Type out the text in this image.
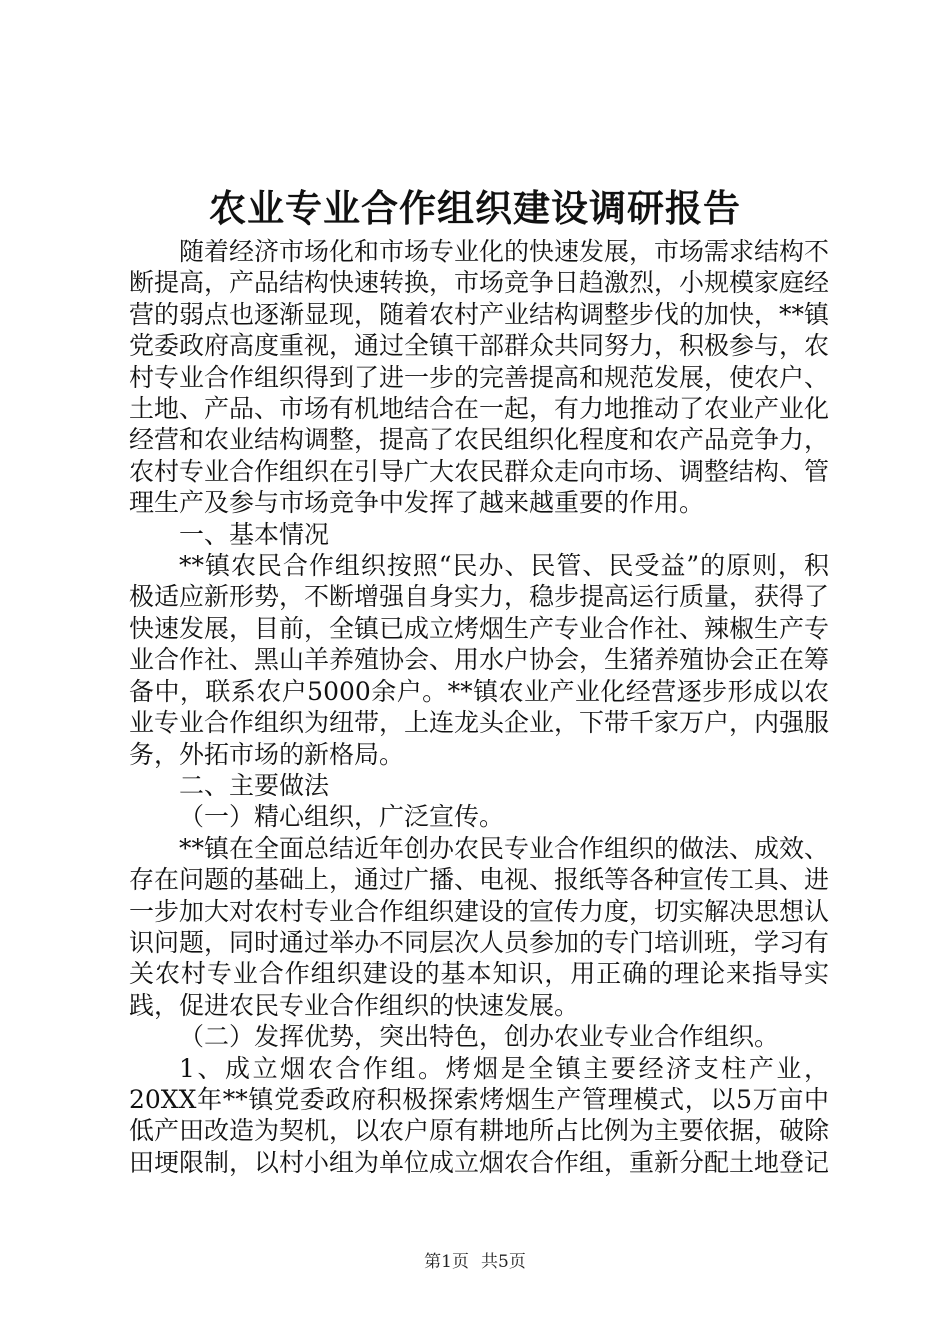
农业专业合作组织建设调研报告

随着经济市场化和市场专业化的快速发展，市场需求结构不断提高，产品结构快速转换，市场竞争日趋激烈，小规模家庭经营的弱点也逐渐显现，随着农村产业结构调整步伐的加快，**镇党委政府高度重视，通过全镇干部群众共同努力，积极参与，农村专业合作组织得到了进一步的完善提高和规范发展，使农户、土地、产品、市场有机地结合在一起，有力地推动了农业产业化经营和农业结构调整，提高了农民组织化程度和农产品竞争力，农村专业合作组织在引导广大农民群众走向市场、调整结构、管理生产及参与市场竞争中发挥了越来越重要的作用。

一、基本情况

**镇农民合作组织按照“民办、民管、民受益”的原则，积极适应新形势，不断增强自身实力，稳步提高运行质量，获得了快速发展，目前，全镇已成立烤烟生产专业合作社、辣椒生产专业合作社、黑山羊养殖协会、用水户协会，生猪养殖协会正在筹备中，联系农户5000余户。**镇农业产业化经营逐步形成以农业专业合作组织为纽带，上连龙头企业，下带千家万户，内强服务，外拓市场的新格局。

二、主要做法

（一）精心组织，广泛宣传。

**镇在全面总结近年创办农民专业合作组织的做法、成效、存在问题的基础上，通过广播、电视、报纸等各种宣传工具、进一步加大对农村专业合作组织建设的宣传力度，切实解决思想认识问题，同时通过举办不同层次人员参加的专门培训班，学习有关农村专业合作组织建设的基本知识，用正确的理论来指导实践，促进农民专业合作组织的快速发展。

（二）发挥优势，突出特色，创办农业专业合作组织。

1、成立烟农合作组。烤烟是全镇主要经济支柱产业，20XX年**镇党委政府积极探索烤烟生产管理模式，以5万亩中低产田改造为契机，以农户原有耕地所占比例为主要依据，破除田埂限制，以村小组为单位成立烟农合作组，重新分配土地登记

第1页 共5页
